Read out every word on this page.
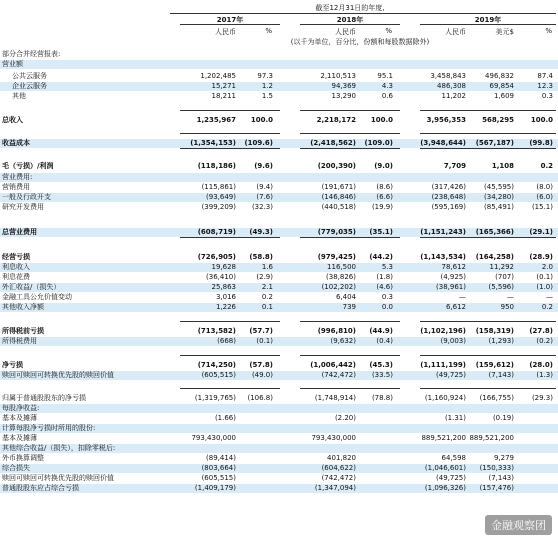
截至12月31日的年度,
2017年	2018年	2019年
人民币	%	人民币	%	人民币	美元$	%
(以千为单位，百分比，份额和每股数据除外)
部分合并经营报表:
营业额
公共云服务	1,202,485	97.3	2,110,513	95.1	3,458,843	496,832	87.4
企业云服务	15,271	1.2	94,369	4.3	486,308	69,854	12.3
其他	18,211	1.5	13,290	0.6	11,202	1,609	0.3
总收入	1,235,967	100.0	2,218,172	100.0	3,956,353	568,295	100.0
收益成本	(1,354,153) (109.6)	(2,418,562) (109.0)	(3,948,644)	(567,187)	(99.8)
毛（亏损）/利润	(118,186)	(9.6)	(200,390)	(9.0)	7,709	1,108	0.2
营业费用:
营销费用	(115,861)	(9.4)	(191,671)	(8.6)	(317,426)	(45,595)	(8.0)
一般及行政开支	(93,649)	(7.6)	(146,846)	(6.6)	(238,648)	(34,280)	(6.0)
研究开发费用	(399,209)	(32.3)	(440,518)	(19.9)	(595,169)	(85,491)	(15.1)
总营业费用	(608,719)	(49.3)	(779,035)	(35.1)	(1,151,243)	(165,366)	(29.1)
经营亏损	(726,905)	(58.8)	(979,425)	(44.2)	(1,143,534)	(164,258)	(28.9)
利息收入	19,628	1.6	116,500	5.3	78,612	11,292	2.0
利息花费	(36,410)	(2.9)	(38,826)	(1.8)	(4,925)	(707)	(0.1)
外汇收益/（损失）	25,863	2.1	(102,202)	(4.6)	(38,961)	(5,596)	(1.0)
金融工具公允价值变动	3,016	0.2	6,404	0.3	—	—	—
其他收入净额	1,226	0.1	739	0.0	6,612	950	0.2
所得税前亏损	(713,582)	(57.7)	(996,810)	(44.9)	(1,102,196)	(158,319)	(27.8)
所得税费用	(668)	(0.1)	(9,632)	(0.4)	(9,003)	(1,293)	(0.2)
净亏损	(714,250)	(57.8)	(1,006,442)	(45.3)	(1,111,199)	(159,612)	(28.0)
赎回可赎回可转换优先股的赎回价值	(605,515)	(49.0)	(742,472)	(33.5)	(49,725)	(7,143)	(1.3)
归属于普通股股东的净亏损	(1,319,765)	(106.8)	(1,748,914)	(78.8)	(1,160,924)	(166,755)	(29.3)
每股净收益:
基本及摊薄	(1.66)	(2.20)	(1.31)	(0.19)
计算每股净亏损时所用的股份:
基本及摊薄	793,430,000	793,430,000	889,521,200 889,521,200
其他综合收益/（损失），扣除零税后:
外币换算调整	(89,414)	401,820	64,598	9,279
综合损失	(803,664)	(604,622)	(1,046,601)	(150,333)
赎回可赎回可转换优先股的赎回价值	(605,515)	(742,472)	(49,725)	(7,143)
普通股股东应占综合亏损	(1,409,179)	(1,347,094)	(1,096,326)	(157,476)
金融观察团
